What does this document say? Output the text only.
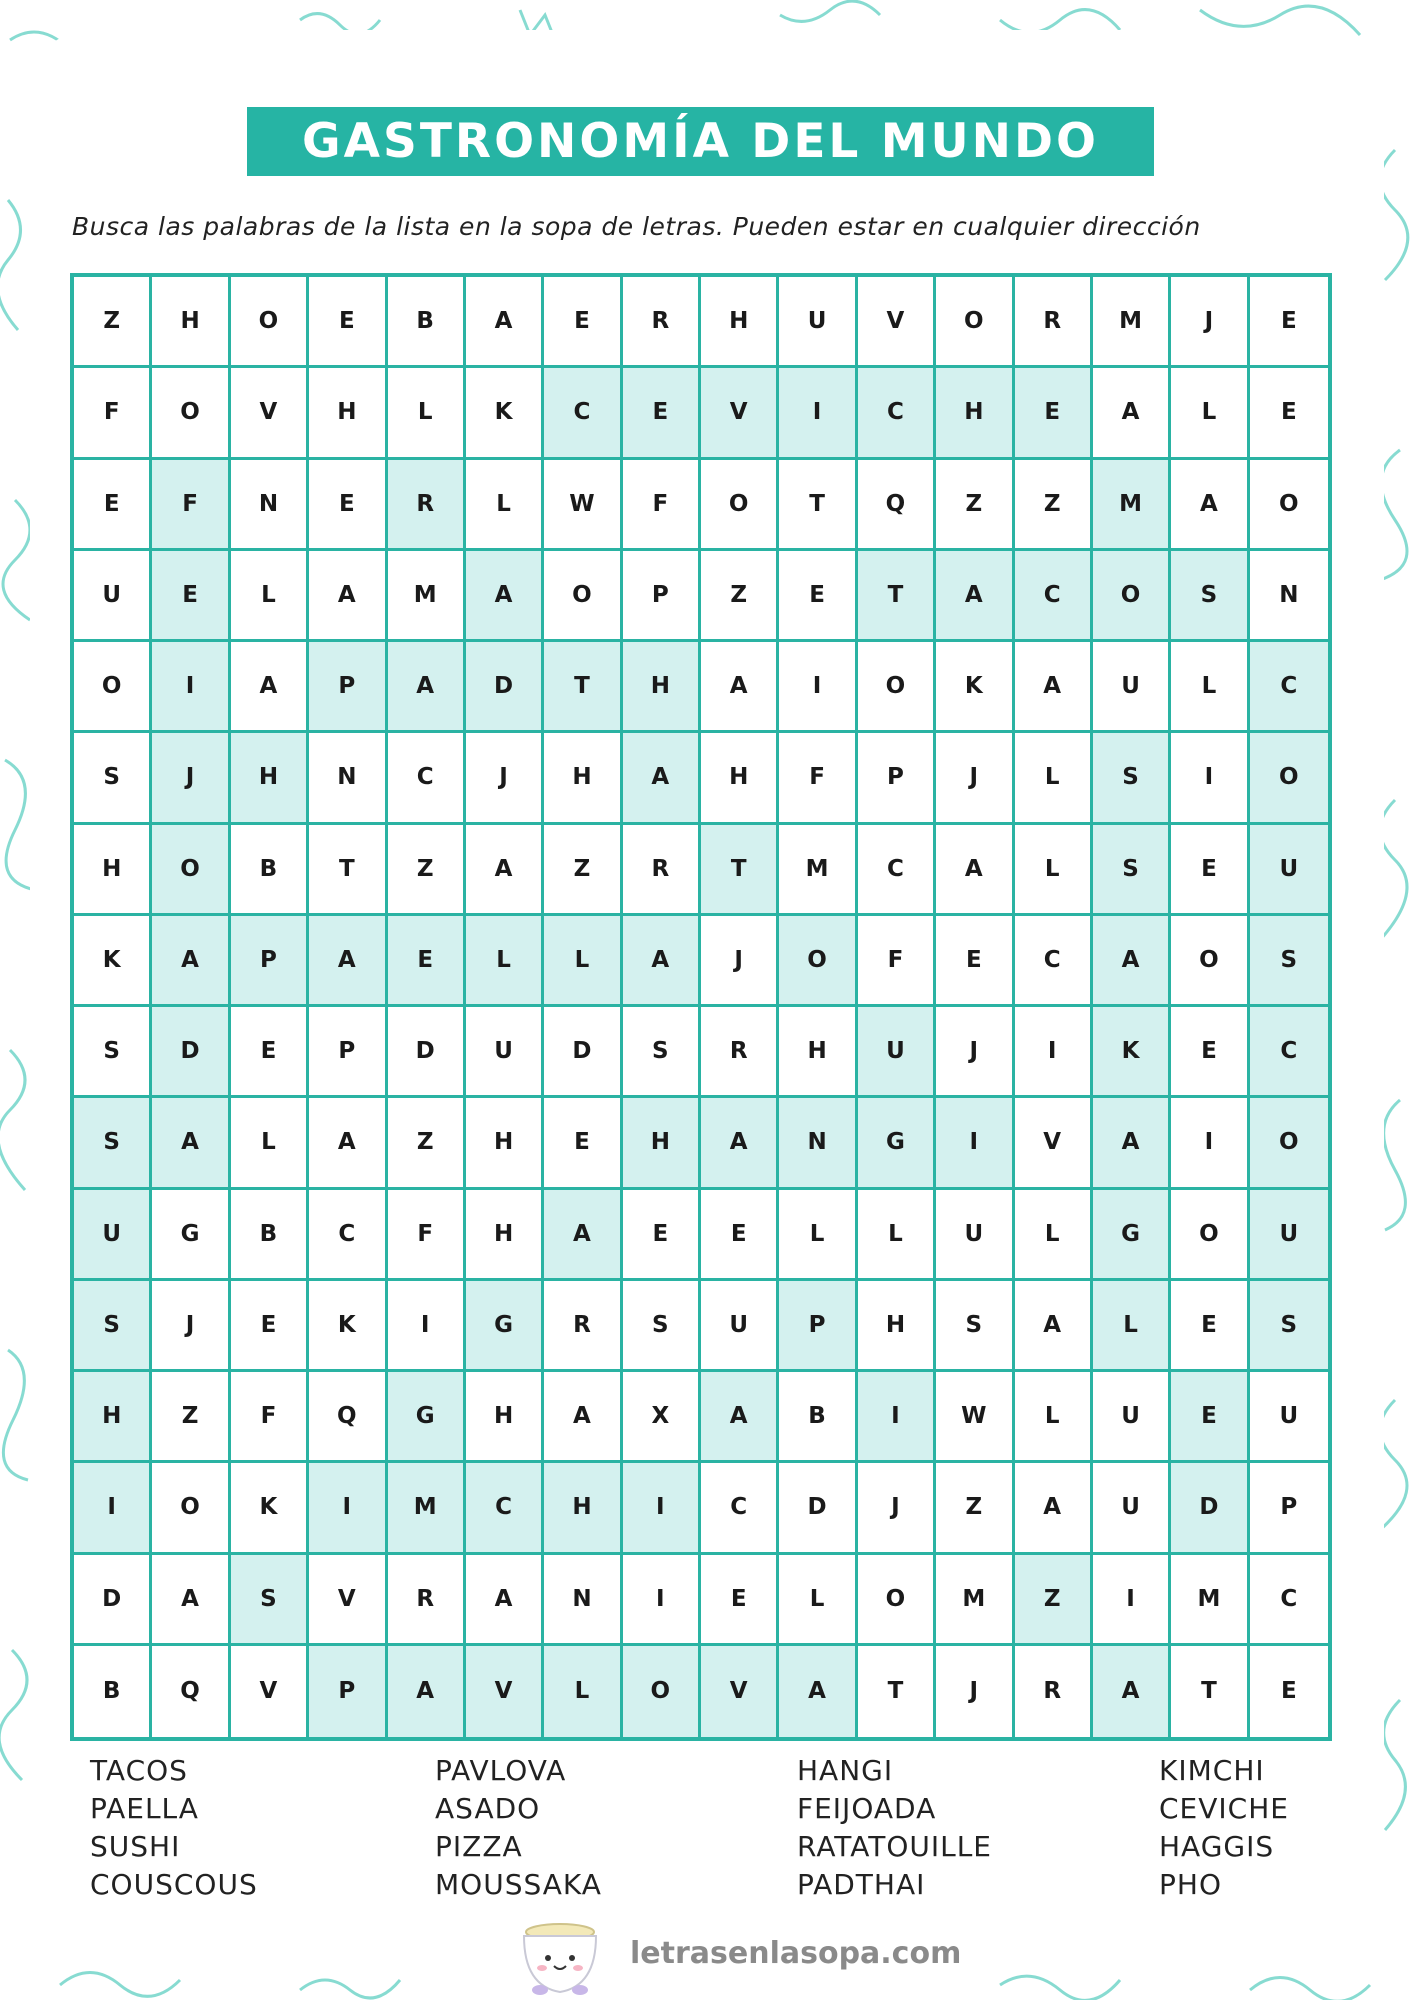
GASTRONOMÍA DEL MUNDO
Busca las palabras de la lista en la sopa de letras. Pueden estar en cualquier dirección
Z	H	O	E	B	A	E	R	H	U	V	O	R	M	J	E
F	O	V	H	L	K	C	E	V	I	C	H	E	A	L	E
E	F	N	E	R	L	W	F	O	T	Q	Z	Z	M	A	O
U	E	L	A	M	A	O	P	Z	E	T	A	C	O	S	N
O	I	A	P	A	D	T	H	A	I	O	K	A	U	L	C
S	J	H	N	C	J	H	A	H	F	P	J	L	S	I	O
H	O	B	T	Z	A	Z	R	T	M	C	A	L	S	E	U
K	A	P	A	E	L	L	A	J	O	F	E	C	A	O	S
S	D	E	P	D	U	D	S	R	H	U	J	I	K	E	C
S	A	L	A	Z	H	E	H	A	N	G	I	V	A	I	O
U	G	B	C	F	H	A	E	E	L	L	U	L	G	O	U
S	J	E	K	I	G	R	S	U	P	H	S	A	L	E	S
H	Z	F	Q	G	H	A	X	A	B	I	W	L	U	E	U
I	O	K	I	M	C	H	I	C	D	J	Z	A	U	D	P
D	A	S	V	R	A	N	I	E	L	O	M	Z	I	M	C
B	Q	V	P	A	V	L	O	V	A	T	J	R	A	T	E
TACOS
PAELLA
SUSHI
COUSCOUS
PAVLOVA
ASADO
PIZZA
MOUSSAKA
HANGI
FEIJOADA
RATATOUILLE
PADTHAI
KIMCHI
CEVICHE
HAGGIS
PHO
letrasenlasopa.com
